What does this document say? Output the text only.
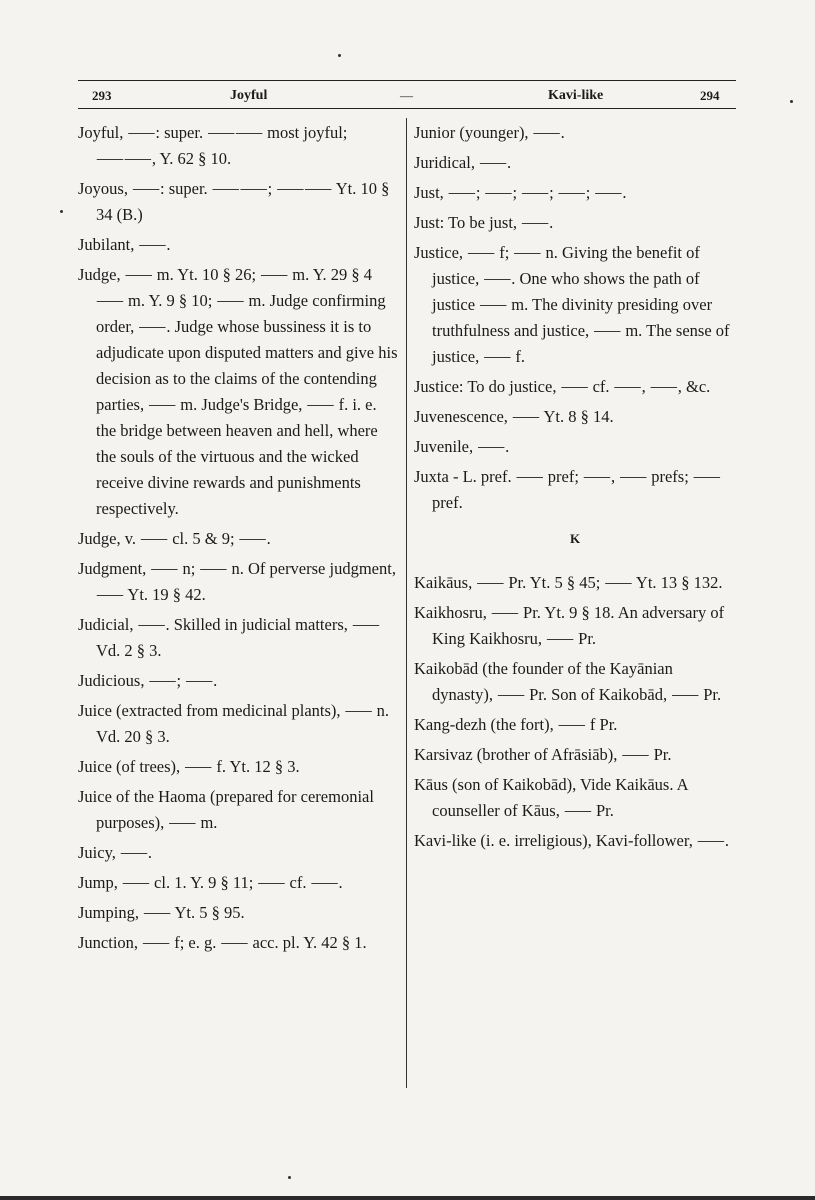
293	Joyful	—	Kavi-like	294

Joyful, ⸺: super. ⸺⸺ most joyful; ⸺⸺, Y. 62 § 10.

Joyous, ⸺: super. ⸺⸺; ⸺⸺ Yt. 10 § 34 (B.)

Jubilant, ⸺.

Judge, ⸺ m. Yt. 10 § 26; ⸺ m. Y. 29 § 4 ⸺ m. Y. 9 § 10; ⸺ m. Judge confirming order, ⸺. Judge whose bussiness it is to adjudicate upon disputed matters and give his decision as to the claims of the contending parties, ⸺ m. Judge's Bridge, ⸺ f. i. e. the bridge between heaven and hell, where the souls of the virtuous and the wicked receive divine rewards and punishments respectively.

Judge, v. ⸺ cl. 5 & 9; ⸺.

Judgment, ⸺ n; ⸺ n. Of perverse judgment, ⸺ Yt. 19 § 42.

Judicial, ⸺. Skilled in judicial matters, ⸺ Vd. 2 § 3.

Judicious, ⸺; ⸺.

Juice (extracted from medicinal plants), ⸺ n. Vd. 20 § 3.

Juice (of trees), ⸺ f. Yt. 12 § 3.

Juice of the Haoma (prepared for ceremonial purposes), ⸺ m.

Juicy, ⸺.

Jump, ⸺ cl. 1. Y. 9 § 11; ⸺ cf. ⸺.

Jumping, ⸺ Yt. 5 § 95.

Junction, ⸺ f; e. g. ⸺ acc. pl. Y. 42 § 1.

Junior (younger), ⸺.

Juridical, ⸺.

Just, ⸺; ⸺; ⸺; ⸺; ⸺.

Just: To be just, ⸺.

Justice, ⸺ f; ⸺ n. Giving the benefit of justice, ⸺. One who shows the path of justice ⸺ m. The divinity presiding over truthfulness and justice, ⸺ m. The sense of justice, ⸺ f.

Justice: To do justice, ⸺ cf. ⸺, ⸺, &c.

Juvenescence, ⸺ Yt. 8 § 14.

Juvenile, ⸺.

Juxta - L. pref. ⸺ pref; ⸺, ⸺ prefs; ⸺ pref.

K

Kaikāus, ⸺ Pr. Yt. 5 § 45; ⸺ Yt. 13 § 132.

Kaikhosru, ⸺ Pr. Yt. 9 § 18. An adversary of King Kaikhosru, ⸺ Pr.

Kaikobād (the founder of the Kayānian dynasty), ⸺ Pr. Son of Kaikobād, ⸺ Pr.

Kang-dezh (the fort), ⸺ f Pr.

Karsivaz (brother of Afrāsiāb), ⸺ Pr.

Kāus (son of Kaikobād), Vide Kaikāus. A counseller of Kāus, ⸺ Pr.

Kavi-like (i. e. irreligious), Kavi-follower, ⸺.
